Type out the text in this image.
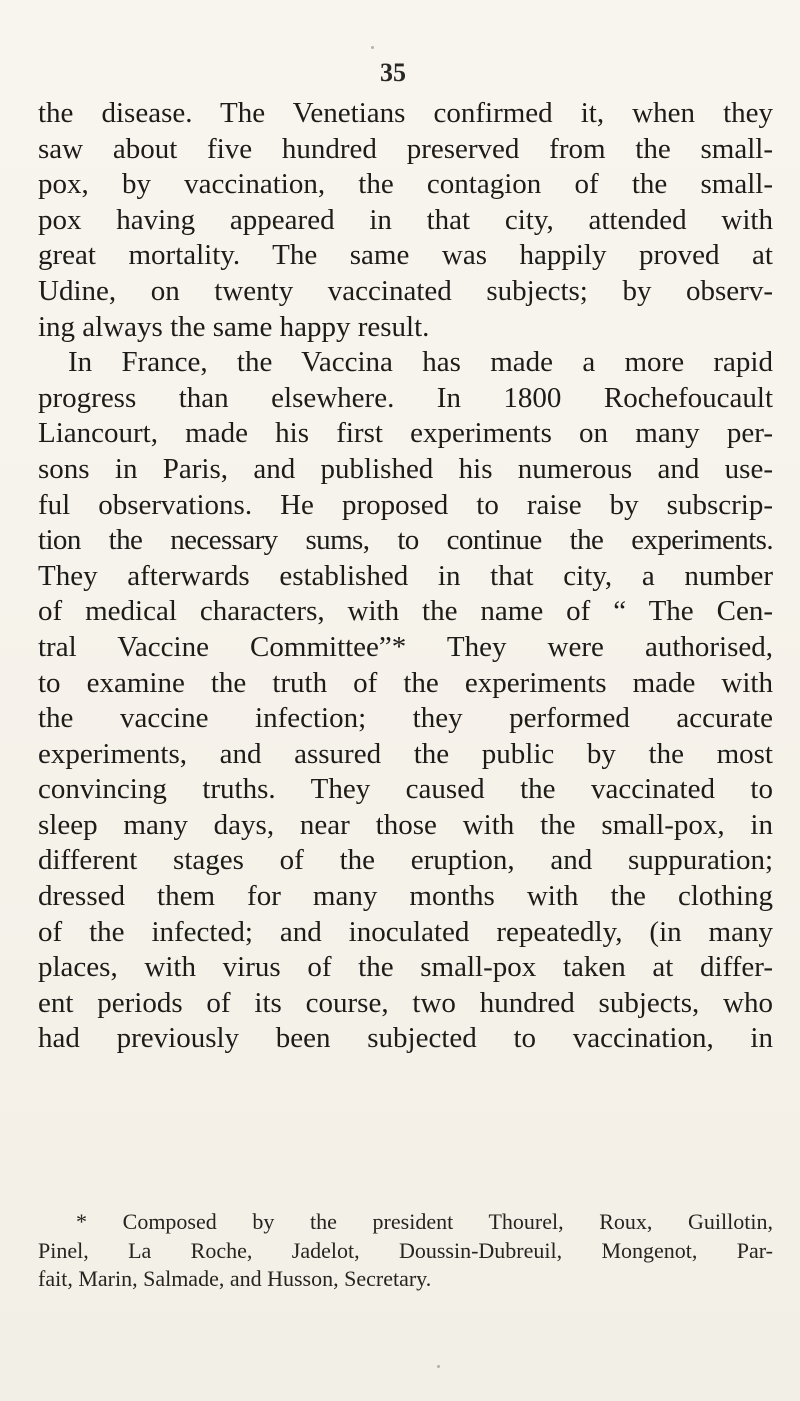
35
the disease. The Venetians confirmed it, when they
saw about five hundred preserved from the small-
pox, by vaccination, the contagion of the small-
pox having appeared in that city, attended with
great mortality. The same was happily proved at
Udine, on twenty vaccinated subjects; by observ-
ing always the same happy result.
In France, the Vaccina has made a more rapid
progress than elsewhere. In 1800 Rochefoucault
Liancourt, made his first experiments on many per-
sons in Paris, and published his numerous and use-
ful observations. He proposed to raise by subscrip-
tion the necessary sums, to continue the experiments.
They afterwards established in that city, a number
of medical characters, with the name of “ The Cen-
tral Vaccine Committee”* They were authorised,
to examine the truth of the experiments made with
the vaccine infection; they performed accurate
experiments, and assured the public by the most
convincing truths. They caused the vaccinated to
sleep many days, near those with the small-pox, in
different stages of the eruption, and suppuration;
dressed them for many months with the clothing
of the infected; and inoculated repeatedly, (in many
places, with virus of the small-pox taken at differ-
ent periods of its course, two hundred subjects, who
had previously been subjected to vaccination, in
* Composed by the president Thourel, Roux, Guillotin,
Pinel, La Roche, Jadelot, Doussin-Dubreuil, Mongenot, Par-
fait, Marin, Salmade, and Husson, Secretary.
